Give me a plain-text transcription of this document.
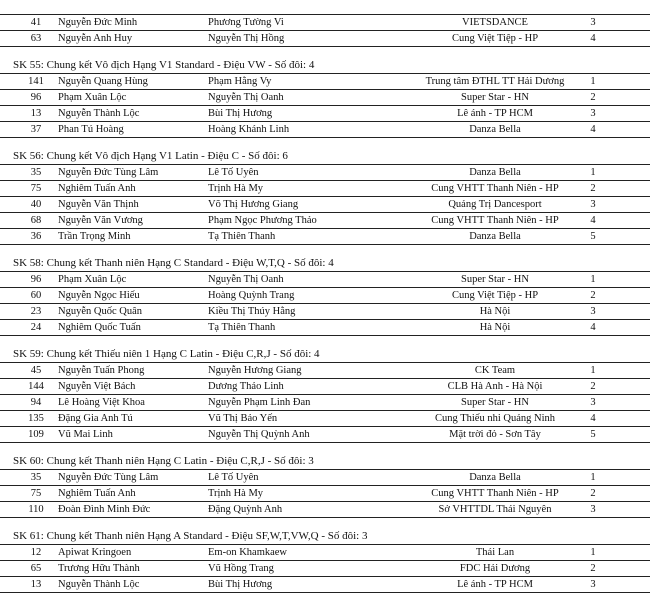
41	Nguyễn Đức Minh	Phương Tường Vi	VIETSDANCE	3
63	Nguyễn Anh Huy	Nguyễn Thị Hồng	Cung Việt Tiệp - HP	4
SK 55: Chung kết Vô địch Hạng V1 Standard - Điệu VW - Số đôi: 4
141	Nguyễn Quang Hùng	Phạm Hằng Vy	Trung tâm ĐTHL TT Hải Dương	1
96	Phạm Xuân Lộc	Nguyễn Thị Oanh	Super Star - HN	2
13	Nguyễn Thành Lộc	Bùi Thị Hương	Lê ánh - TP HCM	3
37	Phan Tú Hoàng	Hoàng Khánh Linh	Danza Bella	4
SK 56: Chung kết Vô địch Hạng V1 Latin - Điệu C - Số đôi: 6
35	Nguyễn Đức Tùng Lâm	Lê Tố Uyên	Danza Bella	1
75	Nghiêm Tuấn Anh	Trịnh Hà My	Cung VHTT Thanh Niên - HP	2
40	Nguyễn Văn Thịnh	Võ Thị Hương Giang	Quảng Trị Dancesport	3
68	Nguyễn Văn Vương	Phạm Ngọc Phương Thảo	Cung VHTT Thanh Niên - HP	4
36	Trần Trọng Minh	Tạ Thiên Thanh	Danza Bella	5
SK 58: Chung kết Thanh niên Hạng C Standard - Điệu W,T,Q - Số đôi: 4
96	Phạm Xuân Lộc	Nguyễn Thị Oanh	Super Star - HN	1
60	Nguyễn Ngọc Hiếu	Hoàng Quỳnh Trang	Cung Việt Tiệp - HP	2
23	Nguyễn Quốc Quân	Kiều Thị Thúy Hằng	Hà Nội	3
24	Nghiêm Quốc Tuấn	Tạ Thiên Thanh	Hà Nội	4
SK 59: Chung kết Thiếu niên 1 Hạng C Latin - Điệu C,R,J - Số đôi: 4
45	Nguyễn Tuấn Phong	Nguyễn Hương Giang	CK Team	1
144	Nguyễn Việt Bách	Dương Thảo Linh	CLB Hà Anh - Hà Nội	2
94	Lê Hoàng Việt Khoa	Nguyễn Phạm Linh Đan	Super Star - HN	3
135	Đặng Gia Anh Tú	Vũ Thị Bảo Yến	Cung Thiếu nhi Quảng Ninh	4
109	Vũ Mai Linh	Nguyễn Thị Quỳnh Anh	Mặt trời đỏ - Sơn Tây	5
SK 60: Chung kết Thanh niên Hạng C Latin - Điệu C,R,J - Số đôi: 3
35	Nguyễn Đức Tùng Lâm	Lê Tố Uyên	Danza Bella	1
75	Nghiêm Tuấn Anh	Trịnh Hà My	Cung VHTT Thanh Niên - HP	2
110	Đoàn Đình Minh Đức	Đặng Quỳnh Anh	Sở VHTTDL Thái Nguyên	3
SK 61: Chung kết Thanh niên Hạng A Standard - Điệu SF,W,T,VW,Q - Số đôi: 3
12	Apiwat Kringoen	Em-on Khamkaew	Thái Lan	1
65	Trương Hữu Thành	Vũ Hồng Trang	FDC Hải Dương	2
13	Nguyễn Thành Lộc	Bùi Thị Hương	Lê ánh - TP HCM	3
